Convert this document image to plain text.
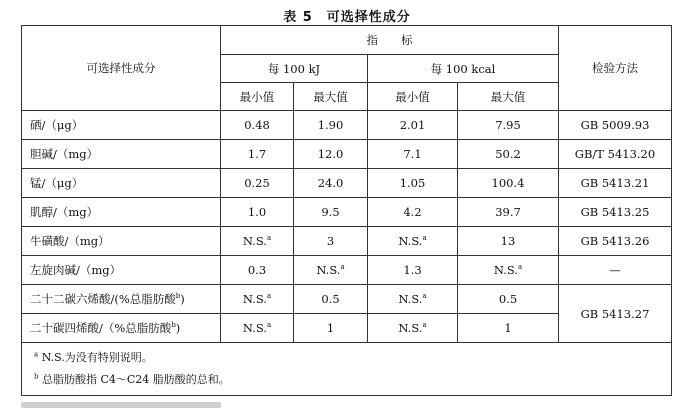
表 5　可选择性成分
可选择性成分	指　　标				检验方法
	每 100 kJ		每 100 kcal		
	最小值	最大值	最小值	最大值	
硒/（μg）	0.48	1.90	2.01	7.95	GB 5009.93
胆碱/（mg）	1.7	12.0	7.1	50.2	GB/T 5413.20
锰/（μg）	0.25	24.0	1.05	100.4	GB 5413.21
肌醇/（mg）	1.0	9.5	4.2	39.7	GB 5413.25
牛磺酸/（mg）	N.S.$^a$	3	N.S.$^a$	13	GB 5413.26
左旋肉碱/（mg）	0.3	N.S.$^a$	1.3	N.S.$^a$	—
二十二碳六烯酸/(%总脂肪酸$^b$)	N.S.$^a$	0.5	N.S.$^a$	0.5	GB 5413.27
二十碳四烯酸/（%总脂肪酸$^b$)	N.S.$^a$	1	N.S.$^a$	1	

$^a$ N.S.为没有特别说明。
$^b$ 总脂肪酸指 C4～C24 脂肪酸的总和。					
